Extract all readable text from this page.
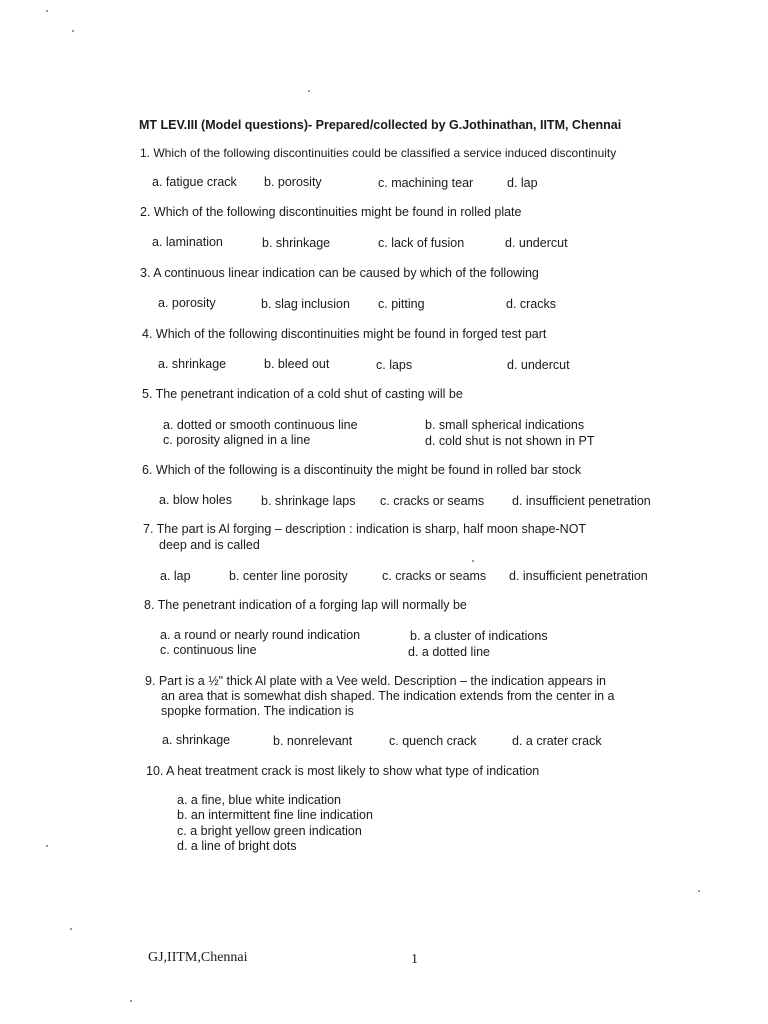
MT LEV.III (Model questions)- Prepared/collected by G.Jothinathan, IITM, Chennai
1. Which of the following discontinuities could be classified a service induced discontinuity
a. fatigue crack b. porosity	c. machining tear	d. lap
2. Which of the following discontinuities might be found in rolled plate
a. lamination	b. shrinkage	c. lack of fusion	d. undercut
3. A continuous linear indication can be caused by which of the following
a. porosity	b. slag inclusion c. pitting	d. cracks
4. Which of the following discontinuities might be found in forged test part
a. shrinkage	b. bleed out	c. laps	d. undercut
5. The penetrant indication of a cold shut of casting will be
a. dotted or smooth continuous line	b. small spherical indications
c. porosity aligned in a line	d. cold shut is not shown in PT
6. Which of the following is a discontinuity the might be found in rolled bar stock
a. blow holes b. shrinkage laps c. cracks or seams d. insufficient penetration
7. The part is Al forging – description : indication is sharp, half moon shape-NOT
deep and is called
a. lap	b. center line porosity	c. cracks or seams d. insufficient penetration
8. The penetrant indication of a forging lap will normally be
a. a round or nearly round indication	b. a cluster of indications
c. continuous line	d. a dotted line
9. Part is a ½" thick Al plate with a Vee weld. Description – the indication appears in
an area that is somewhat dish shaped. The indication extends from the center in a
spopke formation. The indication is
a. shrinkage	b. nonrelevant	c. quench crack	d. a crater crack
10. A heat treatment crack is most likely to show what type of indication
a. a fine, blue white indication
b. an intermittent fine line indication
c. a bright yellow green indication
d. a line of bright dots
GJ,IITM,Chennai	1
